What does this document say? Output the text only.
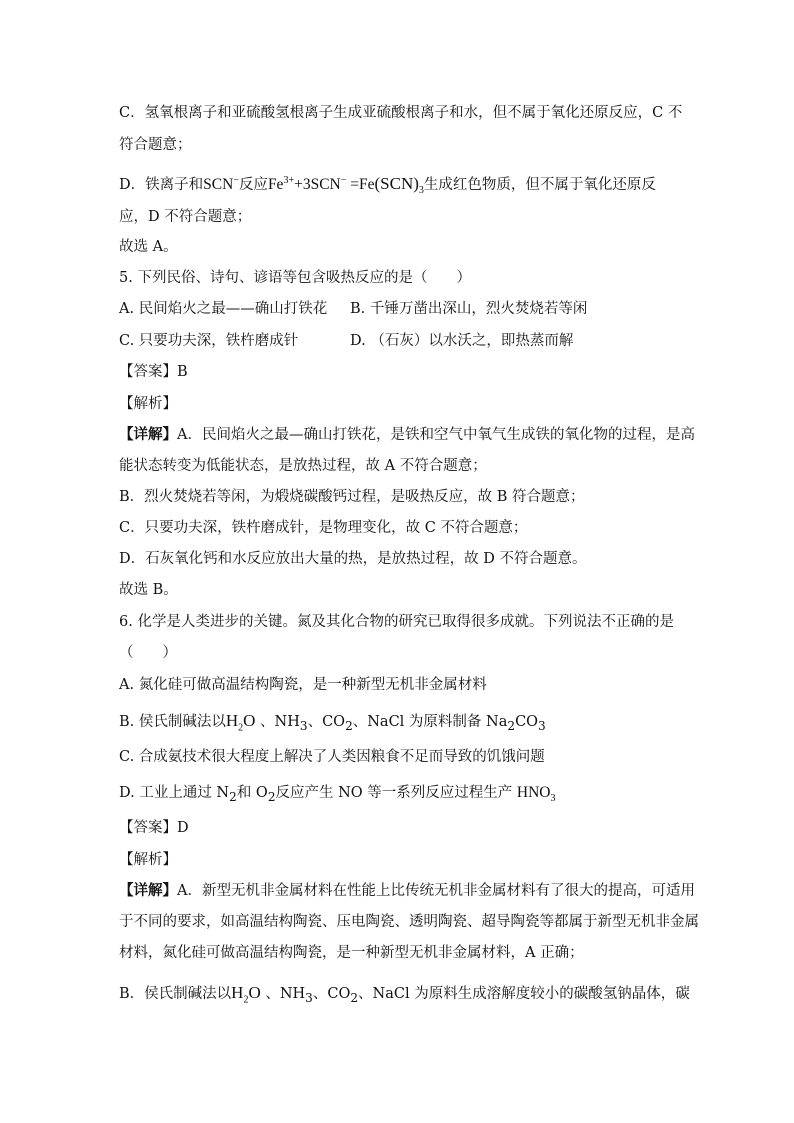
C．氢氧根离子和亚硫酸氢根离子生成亚硫酸根离子和水，但不属于氧化还原反应，C 不
符合题意；
D．铁离子和SCN−反应$Fe^{3+}+3SCN^- =Fe(SCN)_3$生成红色物质，但不属于氧化还原反
应，D 不符合题意；
故选 A。
5. 下列民俗、诗句、谚语等包含吸热反应的是（　　）
A. 民间焰火之最——确山打铁花 B. 千锤万凿出深山，烈火焚烧若等闲
C. 只要功夫深，铁杵磨成针	D. （石灰）以水沃之，即热蒸而解
【答案】B
【解析】
【详解】A．民间焰火之最—确山打铁花，是铁和空气中氧气生成铁的氧化物的过程，是高
能状态转变为低能状态，是放热过程，故 A 不符合题意；
B．烈火焚烧若等闲，为煅烧碳酸钙过程，是吸热反应，故 B 符合题意；
C．只要功夫深，铁杵磨成针，是物理变化，故 C 不符合题意；
D．石灰氧化钙和水反应放出大量的热，是放热过程，故 D 不符合题意。
故选 B。
6. 化学是人类进步的关键。氮及其化合物的研究已取得很多成就。下列说法不正确的是
（　　）
A. 氮化硅可做高温结构陶瓷，是一种新型无机非金属材料
B. 侯氏制碱法以$H_2O$ 、$NH_3$、$CO_2$、NaCl 为原料制备 $Na_2CO_3$
C. 合成氨技术很大程度上解决了人类因粮食不足而导致的饥饿问题
D. 工业上通过 $N_2$和 $O_2$反应产生 NO 等一系列反应过程生产 $HNO_3$
【答案】D
【解析】
【详解】A．新型无机非金属材料在性能上比传统无机非金属材料有了很大的提高，可适用
于不同的要求，如高温结构陶瓷、压电陶瓷、透明陶瓷、超导陶瓷等都属于新型无机非金属
材料，氮化硅可做高温结构陶瓷，是一种新型无机非金属材料，A 正确；
B．侯氏制碱法以$H_2O$ 、$NH_3$、$CO_2$、NaCl 为原料生成溶解度较小的碳酸氢钠晶体，碳
